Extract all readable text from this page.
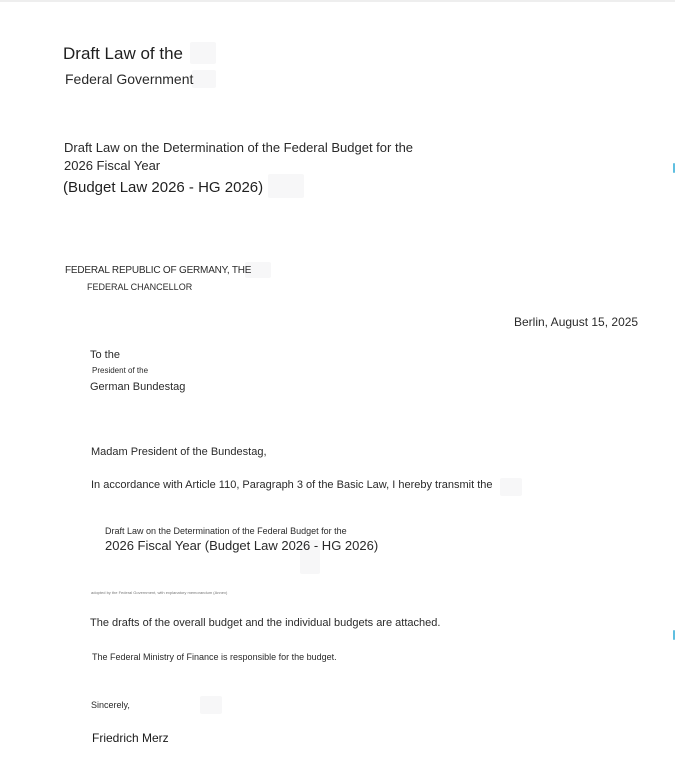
Draft Law of the
Federal Government
Draft Law on the Determination of the Federal Budget for the
2026 Fiscal Year
(Budget Law 2026 - HG 2026)
FEDERAL REPUBLIC OF GERMANY, THE
FEDERAL CHANCELLOR
Berlin, August 15, 2025
To the
President of the
German Bundestag
Madam President of the Bundestag,
In accordance with Article 110, Paragraph 3 of the Basic Law, I hereby transmit the
Draft Law on the Determination of the Federal Budget for the
2026 Fiscal Year (Budget Law 2026 - HG 2026)
adopted by the Federal Government, with explanatory memorandum (Annex)
The drafts of the overall budget and the individual budgets are attached.
The Federal Ministry of Finance is responsible for the budget.
Sincerely,
Friedrich Merz
